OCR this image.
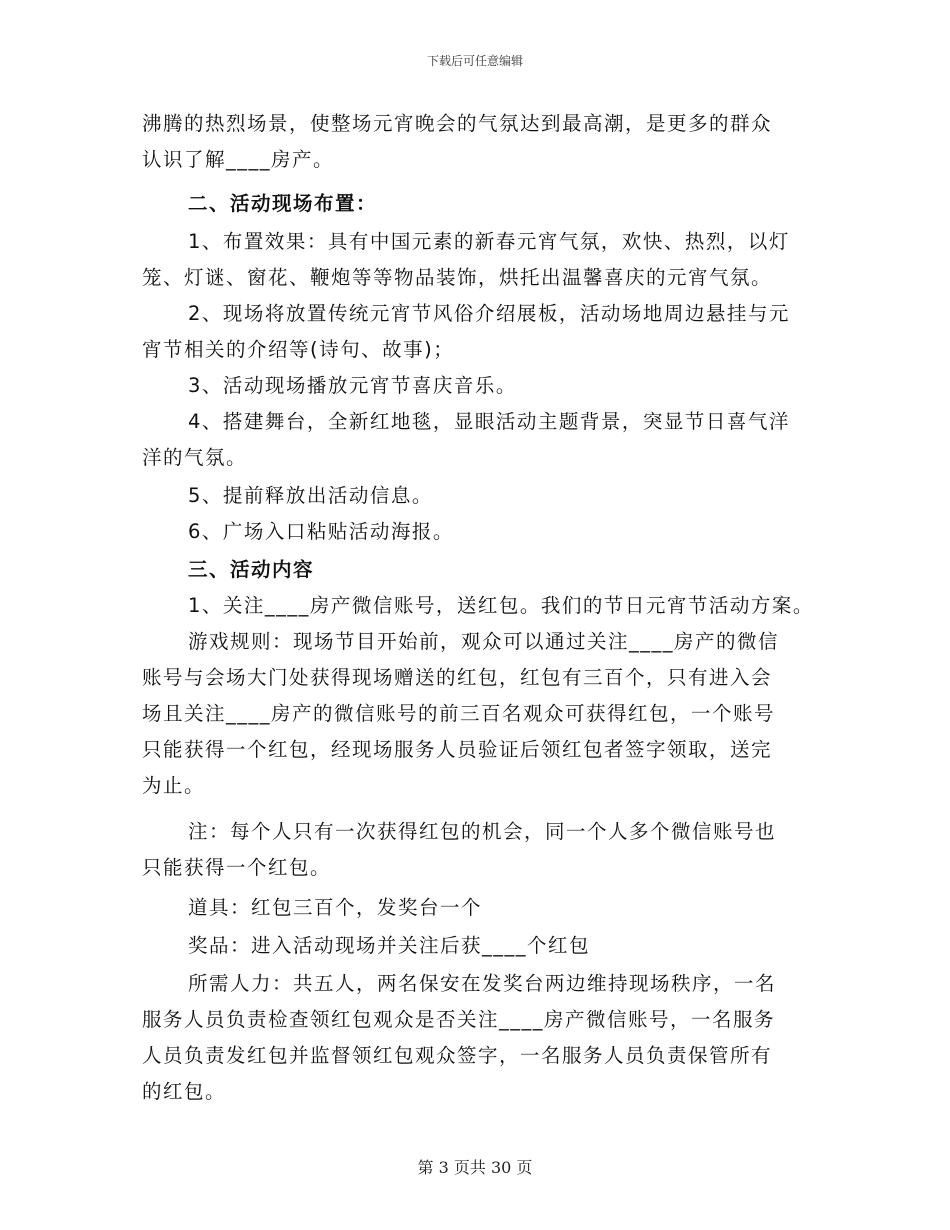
下载后可任意编辑
沸腾的热烈场景，使整场元宵晚会的气氛达到最高潮，是更多的群众
认识了解____房产。
二、活动现场布置：
1、布置效果：具有中国元素的新春元宵气氛，欢快、热烈，以灯
笼、灯谜、窗花、鞭炮等等物品装饰，烘托出温馨喜庆的元宵气氛。
2、现场将放置传统元宵节风俗介绍展板，活动场地周边悬挂与元
宵节相关的介绍等(诗句、故事)；
3、活动现场播放元宵节喜庆音乐。
4、搭建舞台，全新红地毯，显眼活动主题背景，突显节日喜气洋
洋的气氛。
5、提前释放出活动信息。
6、广场入口粘贴活动海报。
三、活动内容
1、关注____房产微信账号，送红包。我们的节日元宵节活动方案。
游戏规则：现场节目开始前，观众可以通过关注____房产的微信
账号与会场大门处获得现场赠送的红包，红包有三百个，只有进入会
场且关注____房产的微信账号的前三百名观众可获得红包，一个账号
只能获得一个红包，经现场服务人员验证后领红包者签字领取，送完
为止。
注：每个人只有一次获得红包的机会，同一个人多个微信账号也
只能获得一个红包。
道具：红包三百个，发奖台一个
奖品：进入活动现场并关注后获____个红包
所需人力：共五人，两名保安在发奖台两边维持现场秩序，一名
服务人员负责检查领红包观众是否关注____房产微信账号，一名服务
人员负责发红包并监督领红包观众签字，一名服务人员负责保管所有
的红包。
第 3 页共 30 页
